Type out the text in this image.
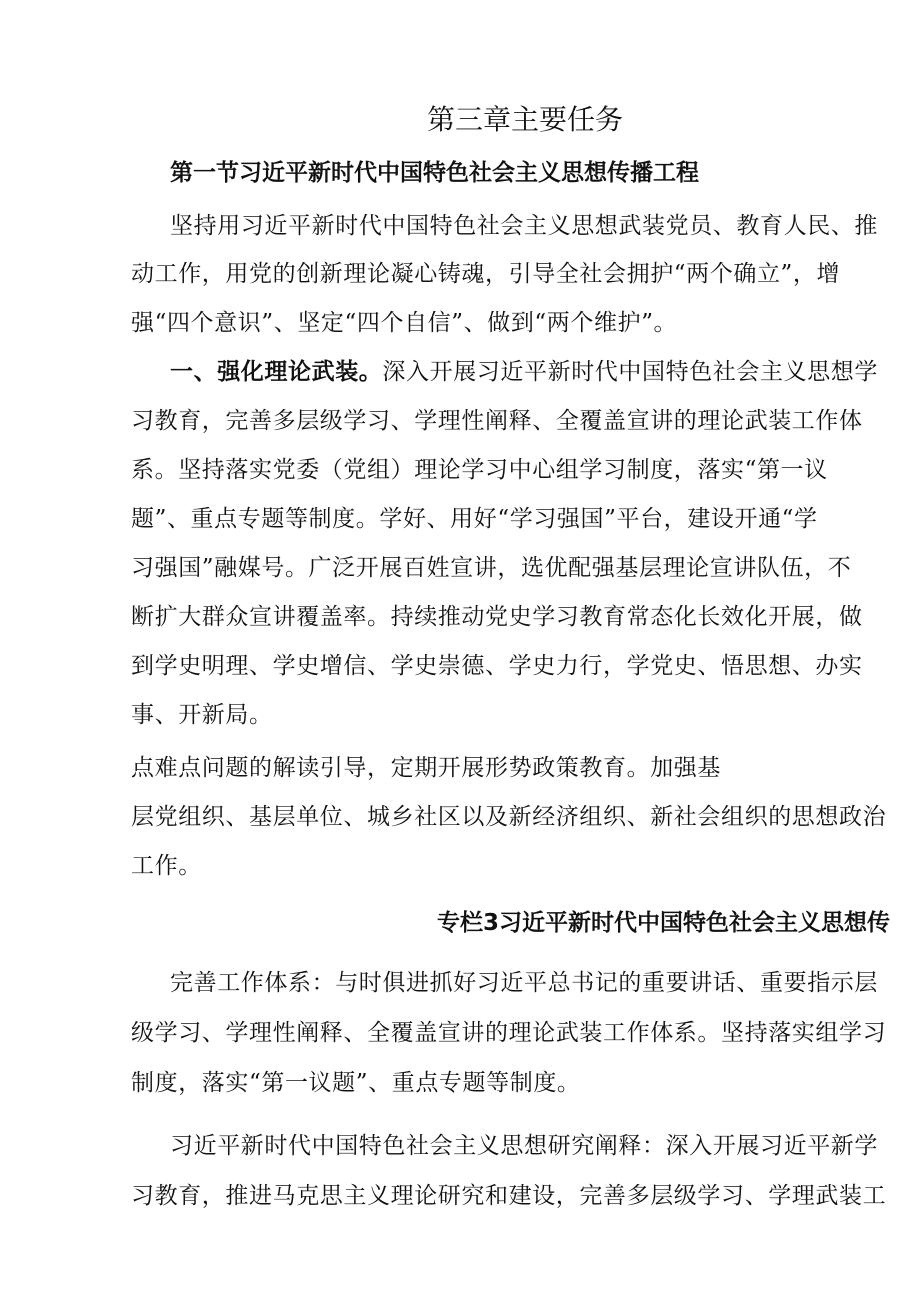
第三章主要任务
第一节习近平新时代中国特色社会主义思想传播工程
坚持用习近平新时代中国特色社会主义思想武装党员、教育人民、推
动工作，用党的创新理论凝心铸魂，引导全社会拥护“两个确立”，增
强“四个意识”、坚定“四个自信”、做到“两个维护”。
一、强化理论武装。深入开展习近平新时代中国特色社会主义思想学
习教育，完善多层级学习、学理性阐释、全覆盖宣讲的理论武装工作体
系。坚持落实党委（党组）理论学习中心组学习制度，落实“第一议
题”、重点专题等制度。学好、用好“学习强国”平台，建设开通“学
习强国”融媒号。广泛开展百姓宣讲，选优配强基层理论宣讲队伍，不
断扩大群众宣讲覆盖率。持续推动党史学习教育常态化长效化开展，做
到学史明理、学史增信、学史崇德、学史力行，学党史、悟思想、办实
事、开新局。
点难点问题的解读引导，定期开展形势政策教育。加强基
层党组织、基层单位、城乡社区以及新经济组织、新社会组织的思想政治
工作。
专栏3习近平新时代中国特色社会主义思想传
完善工作体系：与时俱进抓好习近平总书记的重要讲话、重要指示层
级学习、学理性阐释、全覆盖宣讲的理论武装工作体系。坚持落实组学习
制度，落实“第一议题”、重点专题等制度。
习近平新时代中国特色社会主义思想研究阐释：深入开展习近平新学
习教育，推进马克思主义理论研究和建设，完善多层级学习、学理武装工
